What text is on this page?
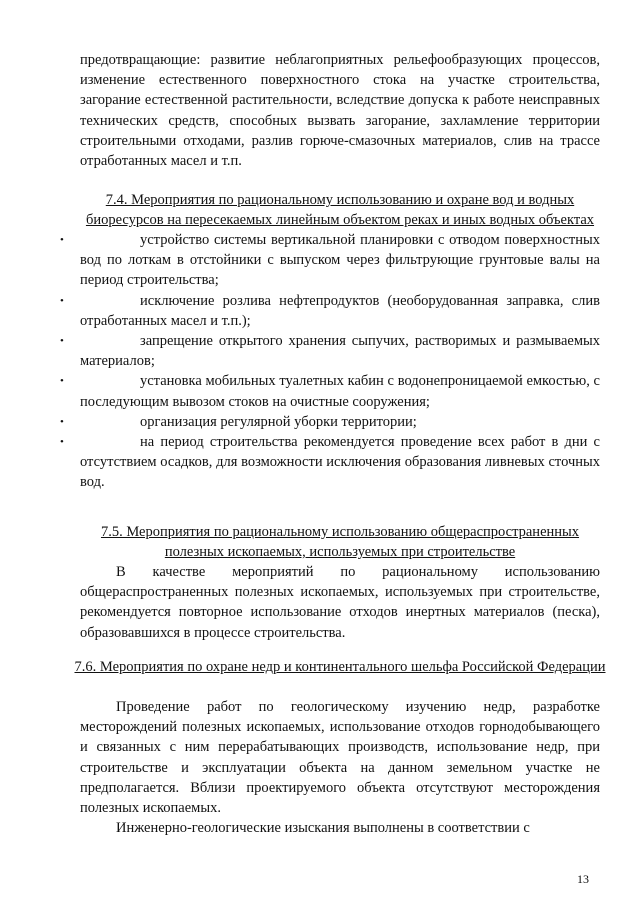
предотвращающие: развитие неблагоприятных рельефообразующих процессов, изменение естественного поверхностного стока на участке строительства, загорание естественной растительности, вследствие допуска к работе неисправных технических средств, способных вызвать загорание, захламление территории строительными отходами, разлив горюче-смазочных материалов, слив на трассе отработанных масел и т.п.

7.4. Мероприятия по рациональному использованию и охране вод и водных биоресурсов на пересекаемых линейным объектом реках и иных водных объектах
•	устройство системы вертикальной планировки с отводом поверхностных вод по лоткам в отстойники с выпуском через фильтрующие грунтовые валы на период строительства;
•	исключение розлива нефтепродуктов (необорудованная заправка, слив отработанных масел и т.п.);
•	запрещение открытого хранения сыпучих, растворимых и размываемых материалов;
•	установка мобильных туалетных кабин с водонепроницаемой емкостью, с последующим вывозом стоков на очистные сооружения;
•	организация регулярной уборки территории;
•	на период строительства рекомендуется проведение всех работ в дни с отсутствием осадков, для возможности исключения образования ливневых сточных вод.
7.5. Мероприятия по рациональному использованию общераспространенных полезных ископаемых, используемых при строительстве

В качестве мероприятий по рациональному использованию общераспространенных полезных ископаемых, используемых при строительстве, рекомендуется повторное использование отходов инертных материалов (песка), образовавшихся в процессе строительства.

7.6. Мероприятия по охране недр и континентального шельфа Российской Федерации

Проведение работ по геологическому изучению недр, разработке месторождений полезных ископаемых, использование отходов горнодобывающего и связанных с ним перерабатывающих производств, использование недр, при строительстве и эксплуатации объекта на данном земельном участке не предполагается. Вблизи проектируемого объекта отсутствуют месторождения полезных ископаемых.

Инженерно-геологические изыскания выполнены в соответствии с

13
